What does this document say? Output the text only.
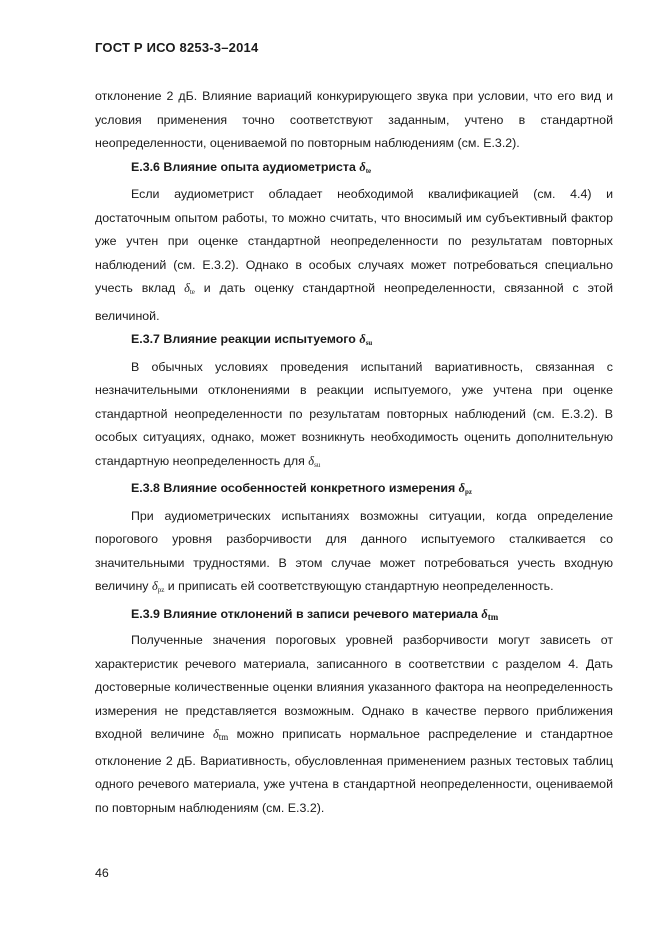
ГОСТ Р ИСО 8253-3–2014

отклонение 2 дБ. Влияние вариаций конкурирующего звука при условии, что его вид и условия применения точно соответствуют заданным, учтено в стандартной неопределенности, оцениваемой по повторным наблюдениям (см. Е.3.2).

Е.3.6 Влияние опыта аудиометриста $\delta_{te}$

Если аудиометрист обладает необходимой квалификацией (см. 4.4) и достаточным опытом работы, то можно считать, что вносимый им субъективный фактор уже учтен при оценке стандартной неопределенности по результатам повторных наблюдений (см. Е.3.2). Однако в особых случаях может потребоваться специально учесть вклад $\delta_{te}$ и дать оценку стандартной неопределенности, связанной с этой величиной.

Е.3.7 Влияние реакции испытуемого $\delta_{su}$

В обычных условиях проведения испытаний вариативность, связанная с незначительными отклонениями в реакции испытуемого, уже учтена при оценке стандартной неопределенности по результатам повторных наблюдений (см. Е.3.2). В особых ситуациях, однако, может возникнуть необходимость оценить дополнительную стандартную неопределенность для $\delta_{su}$

Е.3.8 Влияние особенностей конкретного измерения $\delta_{pz}$

При аудиометрических испытаниях возможны ситуации, когда определение порогового уровня разборчивости для данного испытуемого сталкивается со значительными трудностями. В этом случае может потребоваться учесть входную величину $\delta_{pz}$ и приписать ей соответствующую стандартную неопределенность.

Е.3.9 Влияние отклонений в записи речевого материала $\delta_{tm}$

Полученные значения пороговых уровней разборчивости могут зависеть от характеристик речевого материала, записанного в соответствии с разделом 4. Дать достоверные количественные оценки влияния указанного фактора на неопределенность измерения не представляется возможным. Однако в качестве первого приближения входной величине $\delta_{tm}$ можно приписать нормальное распределение и стандартное отклонение 2 дБ. Вариативность, обусловленная применением разных тестовых таблиц одного речевого материала, уже учтена в стандартной неопределенности, оцениваемой по повторным наблюдениям (см. Е.3.2).

46
